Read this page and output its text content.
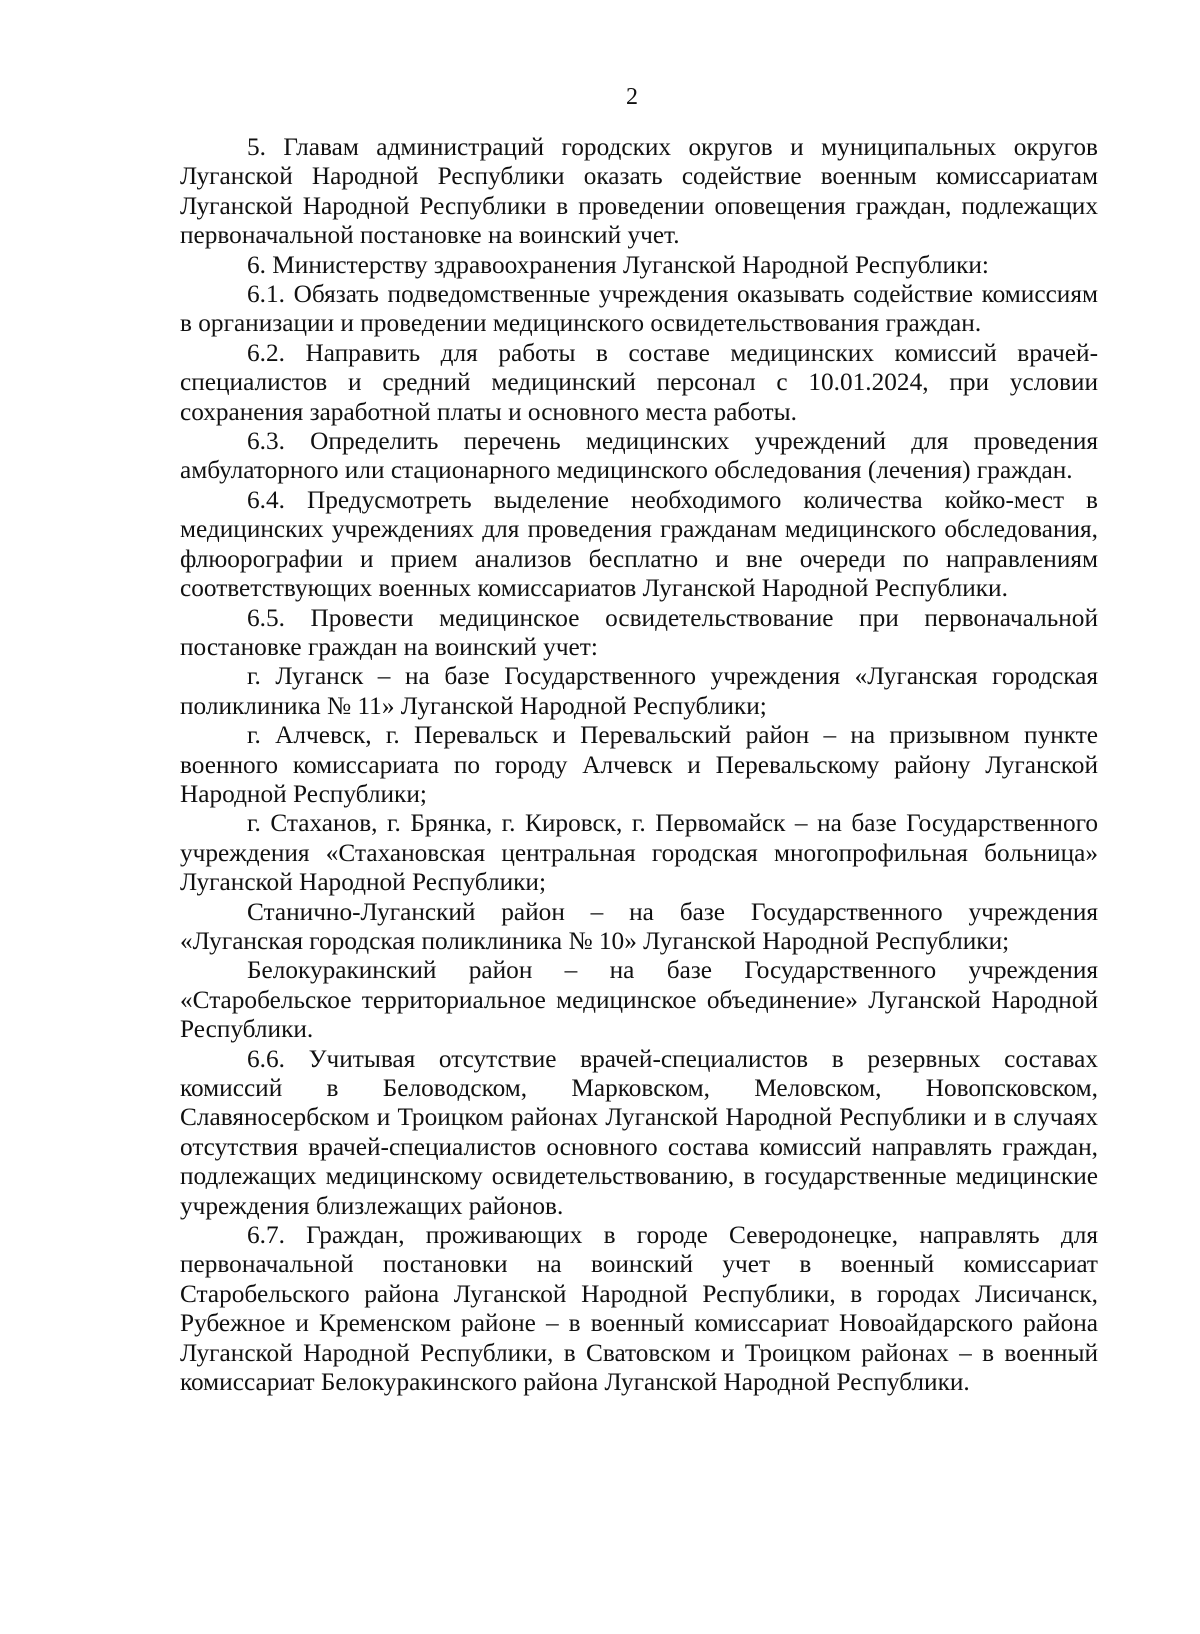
2

5. Главам администраций городских округов и муниципальных округов Луганской Народной Республики оказать содействие военным комиссариатам Луганской Народной Республики в проведении оповещения граждан, подлежащих первоначальной постановке на воинский учет.

6. Министерству здравоохранения Луганской Народной Республики:

6.1. Обязать подведомственные учреждения оказывать содействие комиссиям в организации и проведении медицинского освидетельствования граждан.

6.2. Направить для работы в составе медицинских комиссий врачей-специалистов и средний медицинский персонал с 10.01.2024, при условии сохранения заработной платы и основного места работы.

6.3. Определить перечень медицинских учреждений для проведения амбулаторного или стационарного медицинского обследования (лечения) граждан.

6.4. Предусмотреть выделение необходимого количества койко-мест в медицинских учреждениях для проведения гражданам медицинского обследования, флюорографии и прием анализов бесплатно и вне очереди по направлениям соответствующих военных комиссариатов Луганской Народной Республики.

6.5. Провести медицинское освидетельствование при первоначальной постановке граждан на воинский учет:

г. Луганск – на базе Государственного учреждения «Луганская городская поликлиника № 11» Луганской Народной Республики;

г. Алчевск, г. Перевальск и Перевальский район – на призывном пункте военного комиссариата по городу Алчевск и Перевальскому району Луганской Народной Республики;

г. Стаханов, г. Брянка, г. Кировск, г. Первомайск – на базе Государственного учреждения «Стахановская центральная городская многопрофильная больница» Луганской Народной Республики;

Станично-Луганский район – на базе Государственного учреждения «Луганская городская поликлиника № 10» Луганской Народной Республики;

Белокуракинский район – на базе Государственного учреждения «Старобельское территориальное медицинское объединение» Луганской Народной Республики.

6.6. Учитывая отсутствие врачей-специалистов в резервных составах комиссий в Беловодском, Марковском, Меловском, Новопсковском, Славяносербском и Троицком районах Луганской Народной Республики и в случаях отсутствия врачей-специалистов основного состава комиссий направлять граждан, подлежащих медицинскому освидетельствованию, в государственные медицинские учреждения близлежащих районов.

6.7. Граждан, проживающих в городе Северодонецке, направлять для первоначальной постановки на воинский учет в военный комиссариат Старобельского района Луганской Народной Республики, в городах Лисичанск, Рубежное и Кременском районе – в военный комиссариат Новоайдарского района Луганской Народной Республики, в Сватовском и Троицком районах – в военный комиссариат Белокуракинского района Луганской Народной Республики.
